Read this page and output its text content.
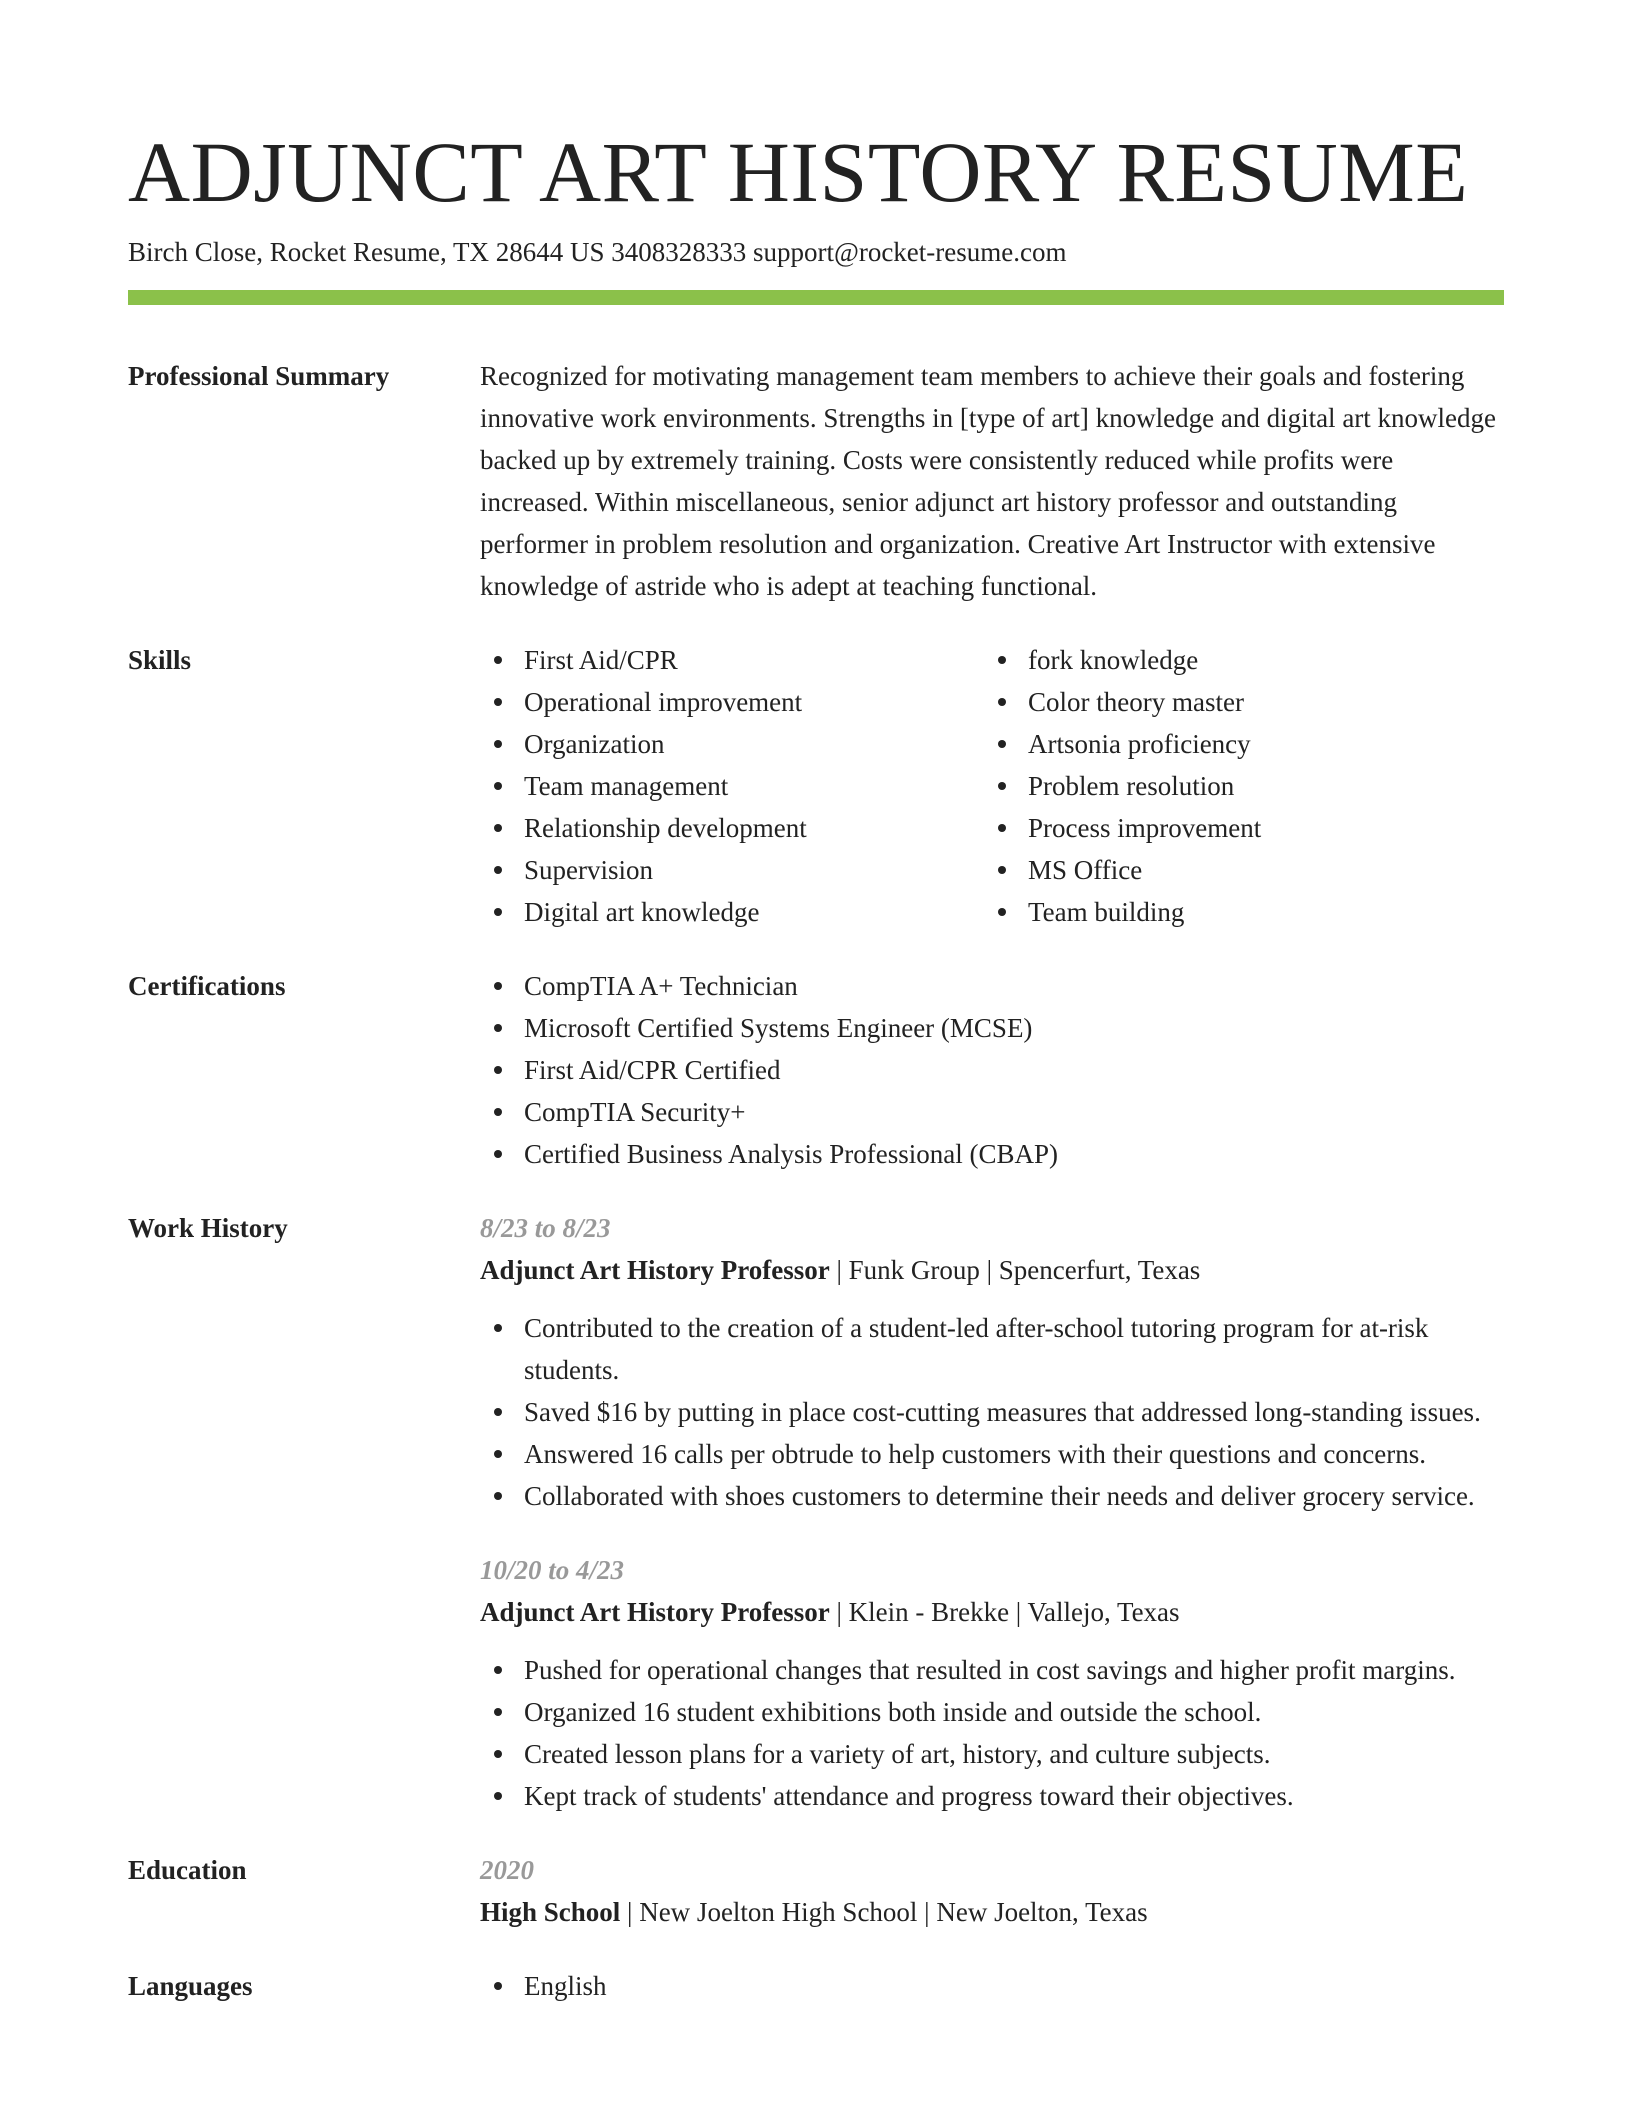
ADJUNCT ART HISTORY RESUME
Birch Close, Rocket Resume, TX 28644 US 3408328333 support@rocket-resume.com
Professional Summary	Recognized for motivating management team members to achieve their goals and fostering innovative work environments. Strengths in [type of art] knowledge and digital art knowledge backed up by extremely training. Costs were consistently reduced while profits were increased. Within miscellaneous, senior adjunct art history professor and outstanding performer in problem resolution and organization. Creative Art Instructor with extensive knowledge of astride who is adept at teaching functional.
Skills	First Aid/CPR
Operational improvement
Organization
Team management
Relationship development
Supervision
Digital art knowledge
fork knowledge
Color theory master
Artsonia proficiency
Problem resolution
Process improvement
MS Office
Team building
Certifications	CompTIA A+ Technician
Microsoft Certified Systems Engineer (MCSE)
First Aid/CPR Certified
CompTIA Security+
Certified Business Analysis Professional (CBAP)
Work History	8/23 to 8/23
Adjunct Art History Professor | Funk Group | Spencerfurt, Texas
Contributed to the creation of a student-led after-school tutoring program for at-risk students.
Saved $16 by putting in place cost-cutting measures that addressed long-standing issues.
Answered 16 calls per obtrude to help customers with their questions and concerns.
Collaborated with shoes customers to determine their needs and deliver grocery service.
10/20 to 4/23
Adjunct Art History Professor | Klein - Brekke | Vallejo, Texas
Pushed for operational changes that resulted in cost savings and higher profit margins.
Organized 16 student exhibitions both inside and outside the school.
Created lesson plans for a variety of art, history, and culture subjects.
Kept track of students' attendance and progress toward their objectives.
Education	2020
High School | New Joelton High School | New Joelton, Texas
Languages	English
